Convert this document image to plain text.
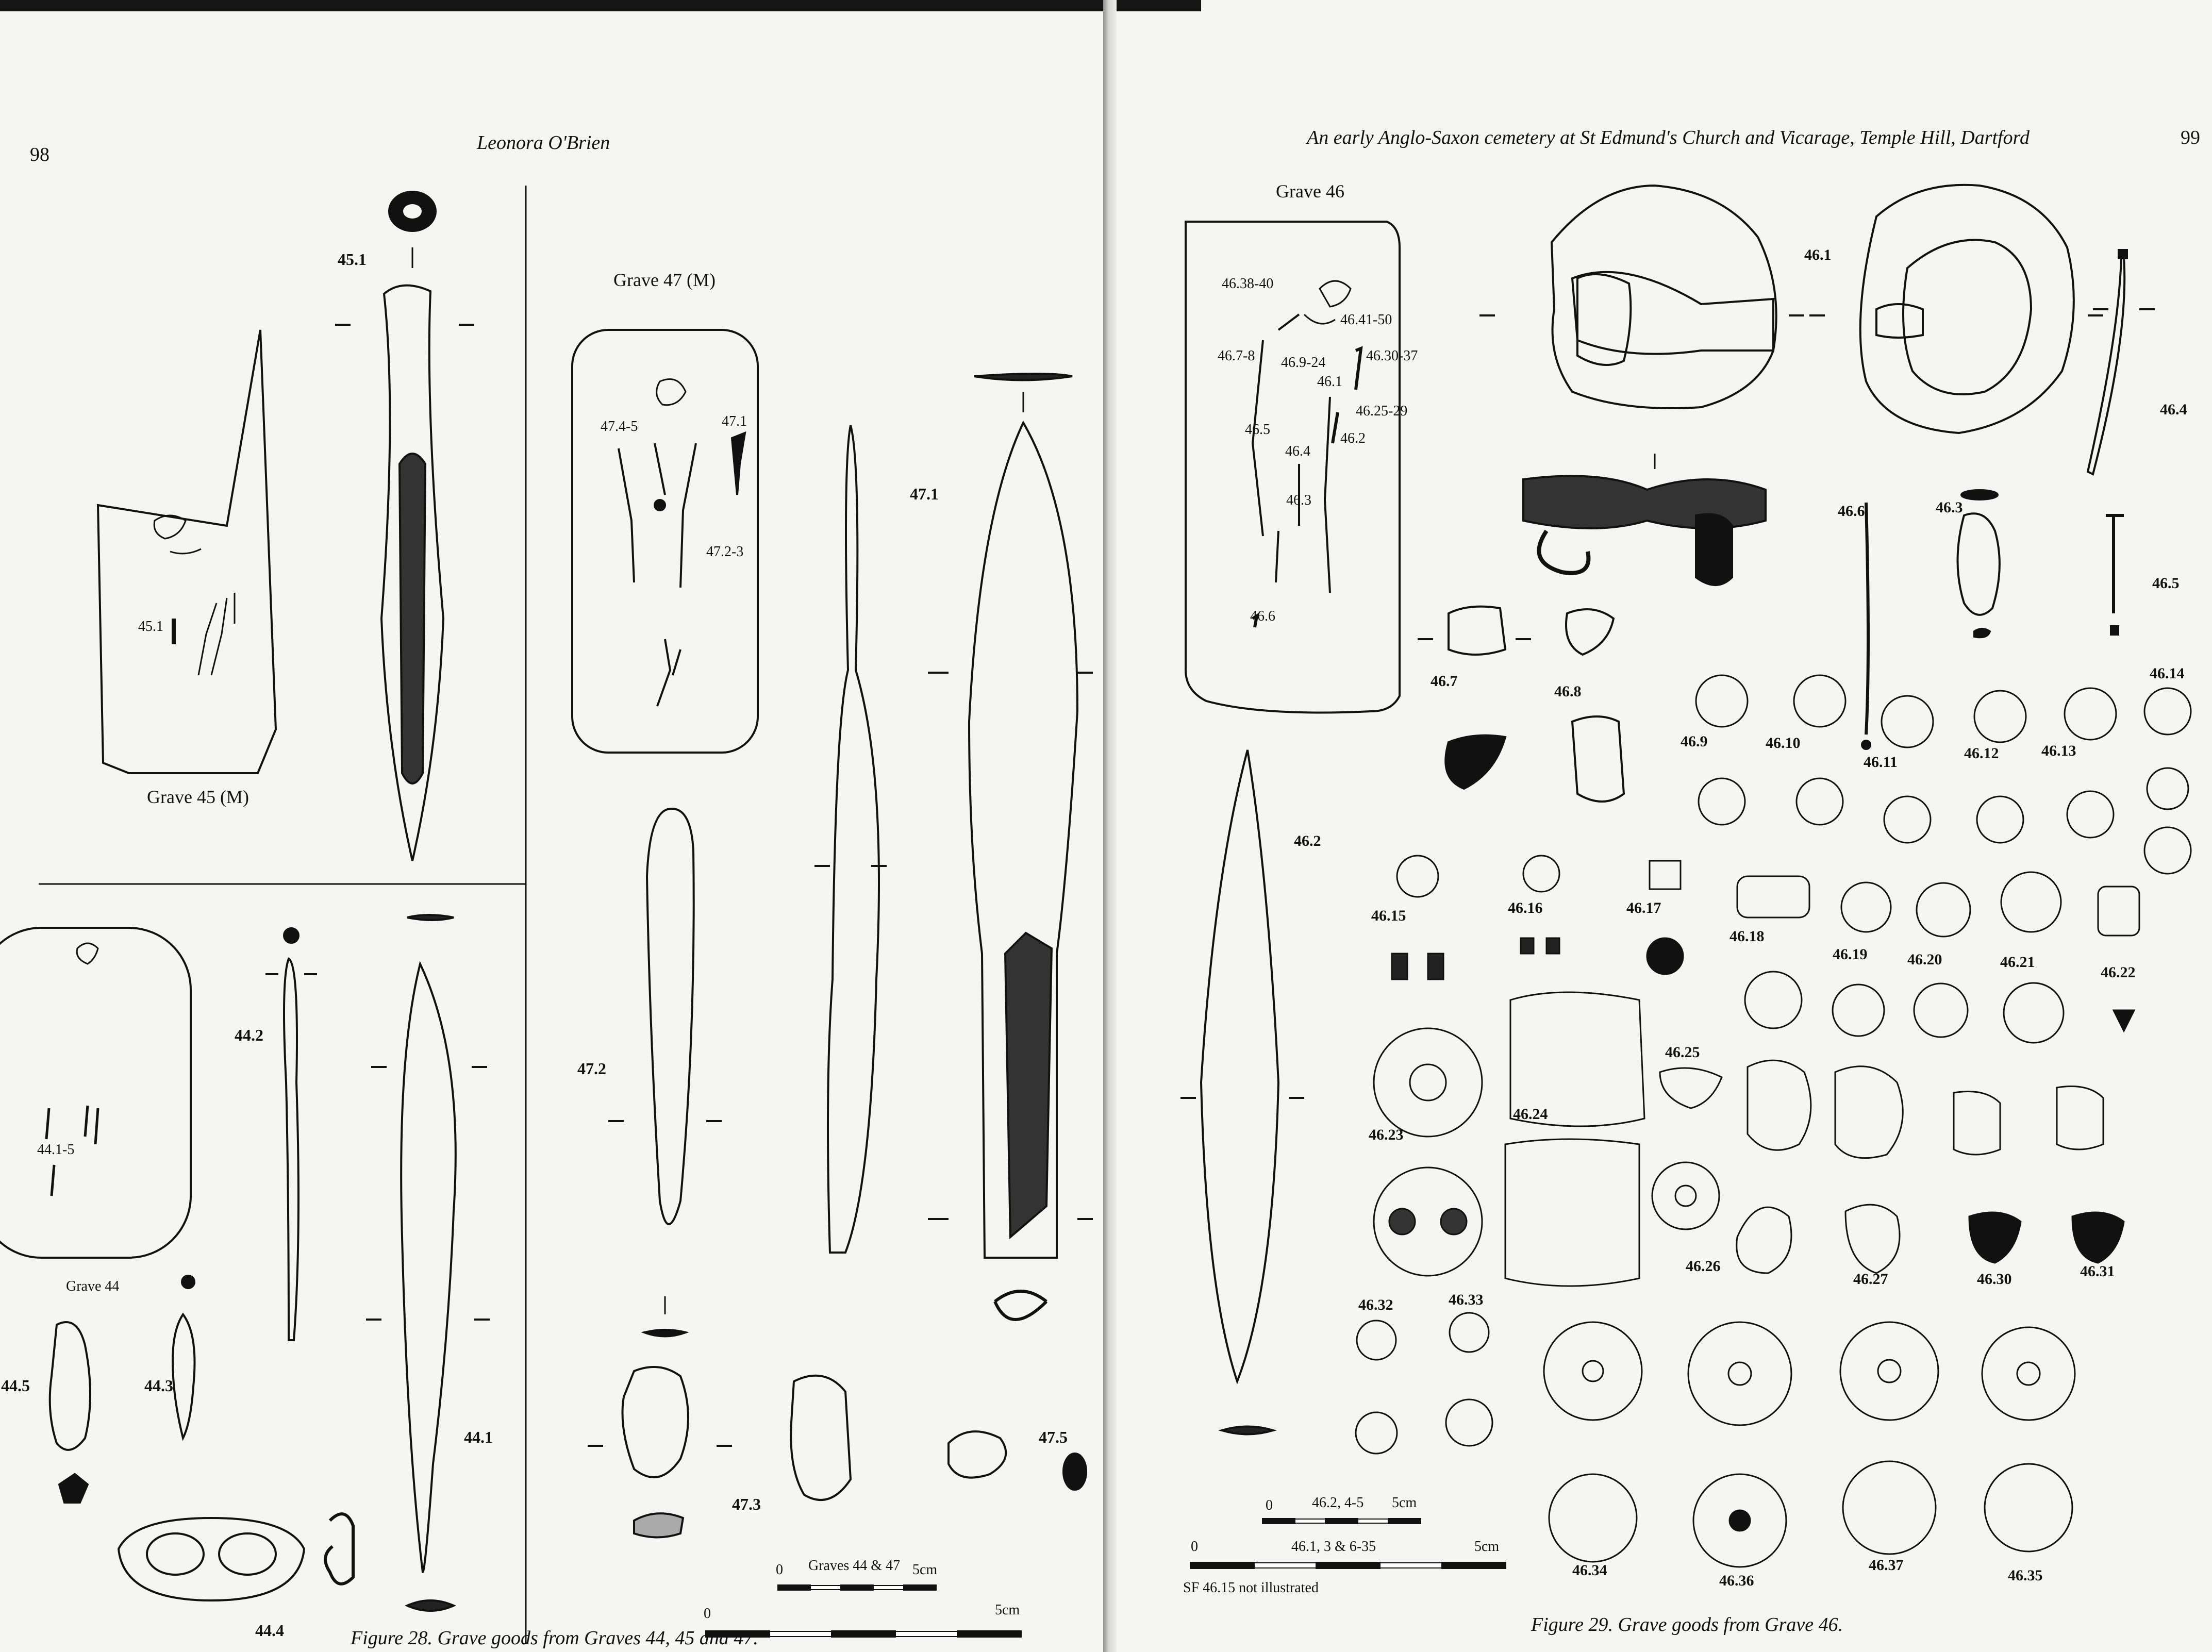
98
Leonora O'Brien
Grave 45 (M)
Grave 47 (M)
Grave 44
45.1
47.4-5	47.1
47.2-3
44.1-5
45.1
47.1
47.2
47.3
47.5
44.1
44.2
44.3
44.4
44.5
0 Graves 44 & 47 5cm
0	5cm
Figure 28. Grave goods from Graves 44, 45 and 47.
99
An early Anglo-Saxon cemetery at St Edmund's Church and Vicarage, Temple Hill, Dartford
Grave 46
46.38-40
46.41-50
46.7-8 46.9-24	46.30-37
46.1
46.25-29
46.5
46.4
46.2
46.3
46.6
46.1
46.4
46.6	46.3
46.5
46.7
46.8
46.9	46.10
46.11
46.12	46.13
46.14
46.2
46.15	46.16	46.17
46.18
46.19	46.20	46.21
46.22
46.23
46.24
46.25
46.26
46.27	46.30	46.31
46.32	46.33
46.34
46.36
46.37
46.35
0	46.2, 4-5 5cm
0	46.1, 3 & 6-35	5cm
SF 46.15 not illustrated
Figure 29. Grave goods from Grave 46.
